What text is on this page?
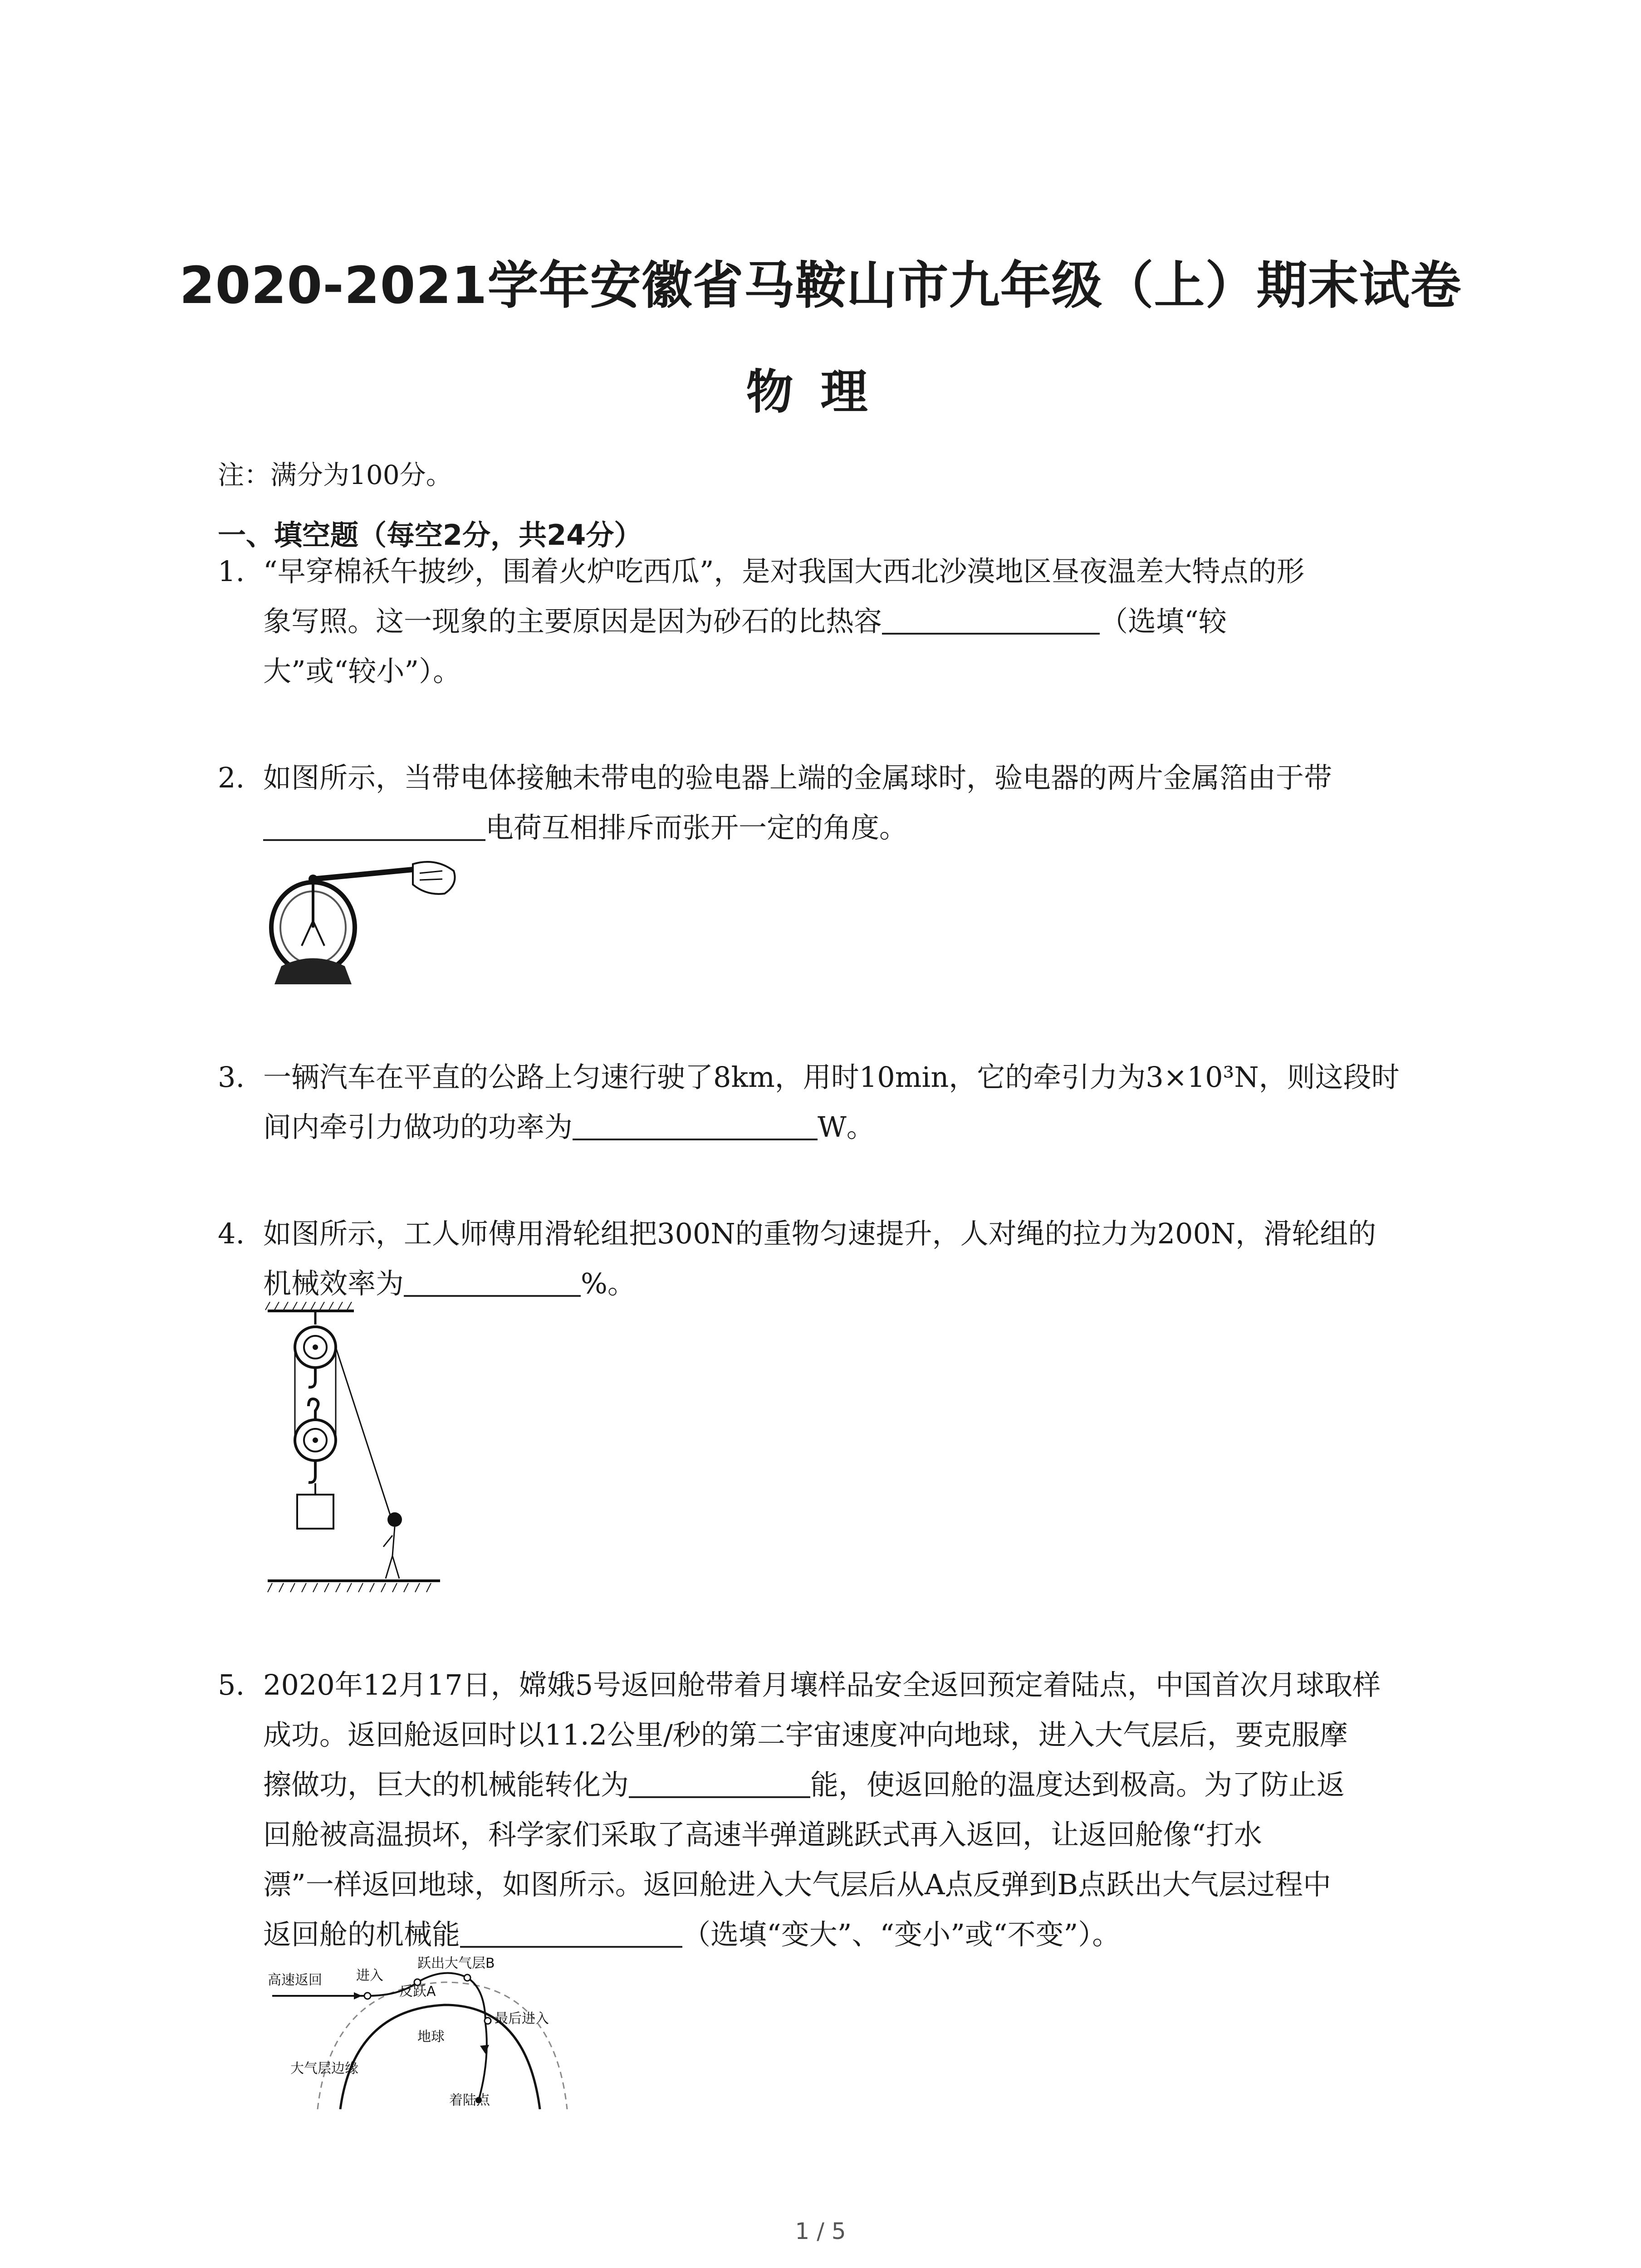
2020-2021学年安徽省马鞍山市九年级（上）期末试卷
物理
注：满分为100分。
一、填空题（每空2分，共24分）
1. “早穿棉袄午披纱，围着火炉吃西瓜”，是对我国大西北沙漠地区昼夜温差大特点的形
象写照。这一现象的主要原因是因为砂石的比热容	（选填“较
大”或“较小”）。
2. 如图所示，当带电体接触未带电的验电器上端的金属球时，验电器的两片金属箔由于带
电荷互相排斥而张开一定的角度。
3. 一辆汽车在平直的公路上匀速行驶了8km，用时10min，它的牵引力为3×10³N，则这段时
间内牵引力做功的功率为	W。
4. 如图所示，工人师傅用滑轮组把300N的重物匀速提升，人对绳的拉力为200N，滑轮组的
机械效率为	%。
5. 2020年12月17日，嫦娥5号返回舱带着月壤样品安全返回预定着陆点，中国首次月球取样
成功。返回舱返回时以11.2公里/秒的第二宇宙速度冲向地球，进入大气层后，要克服摩
擦做功，巨大的机械能转化为	能，使返回舱的温度达到极高。为了防止返
回舱被高温损坏，科学家们采取了高速半弹道跳跃式再入返回，让返回舱像“打水
漂”一样返回地球，如图所示。返回舱进入大气层后从A点反弹到B点跃出大气层过程中
返回舱的机械能	（选填“变大”、“变小”或“不变”）。
高速返回	进入
反跃A
跃出大气层B
最后进入
地球
大气层边缘
着陆点
1 / 5
